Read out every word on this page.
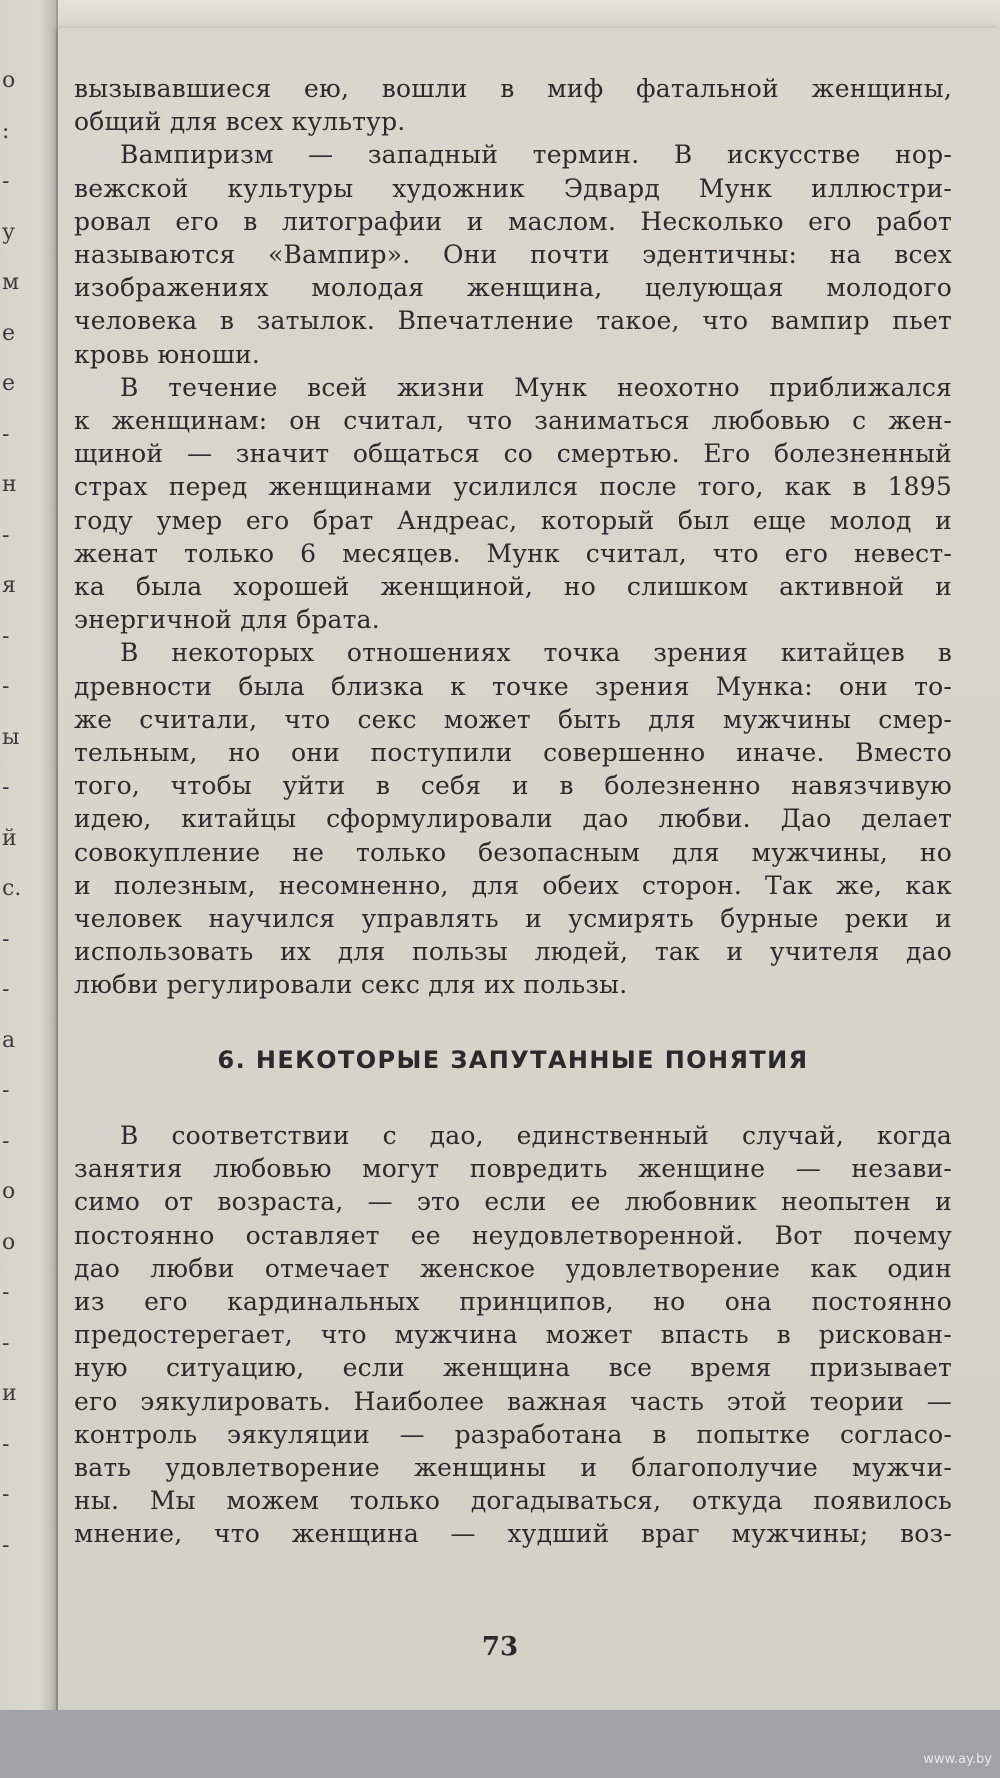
о
:
-
у
м
е
е
-
н
-
я
-
-
ы
-
й
с.
-
-
а
-
-
о
о
-
-
и
-
-
-
вызывавшиеся ею, вошли в миф фатальной женщины,
общий для всех культур.
Вампиризм — западный термин. В искусстве нор-
вежской культуры художник Эдвард Мунк иллюстри-
ровал его в литографии и маслом. Несколько его работ
называются «Вампир». Они почти эдентичны: на всех
изображениях молодая женщина, целующая молодого
человека в затылок. Впечатление такое, что вампир пьет
кровь юноши.
В течение всей жизни Мунк неохотно приближался
к женщинам: он считал, что заниматься любовью с жен-
щиной — значит общаться со смертью. Его болезненный
страх перед женщинами усилился после того, как в 1895
году умер его брат Андреас, который был еще молод и
женат только 6 месяцев. Мунк считал, что его невест-
ка была хорошей женщиной, но слишком активной и
энергичной для брата.
В некоторых отношениях точка зрения китайцев в
древности была близка к точке зрения Мунка: они то-
же считали, что секс может быть для мужчины смер-
тельным, но они поступили совершенно иначе. Вместо
того, чтобы уйти в себя и в болезненно навязчивую
идею, китайцы сформулировали дао любви. Дао делает
совокупление не только безопасным для мужчины, но
и полезным, несомненно, для обеих сторон. Так же, как
человек научился управлять и усмирять бурные реки и
использовать их для пользы людей, так и учителя дао
любви регулировали секс для их пользы.
6. НЕКОТОРЫЕ ЗАПУТАННЫЕ ПОНЯТИЯ
В соответствии с дао, единственный случай, когда
занятия любовью могут повредить женщине — незави-
симо от возраста, — это если ее любовник неопытен и
постоянно оставляет ее неудовлетворенной. Вот почему
дао любви отмечает женское удовлетворение как один
из его кардинальных принципов, но она постоянно
предостерегает, что мужчина может впасть в рискован-
ную ситуацию, если женщина все время призывает
его эякулировать. Наиболее важная часть этой теории —
контроль эякуляции — разработана в попытке согласо-
вать удовлетворение женщины и благополучие мужчи-
ны. Мы можем только догадываться, откуда появилось
мнение, что женщина — худший враг мужчины; воз-
73
www.ay.by
